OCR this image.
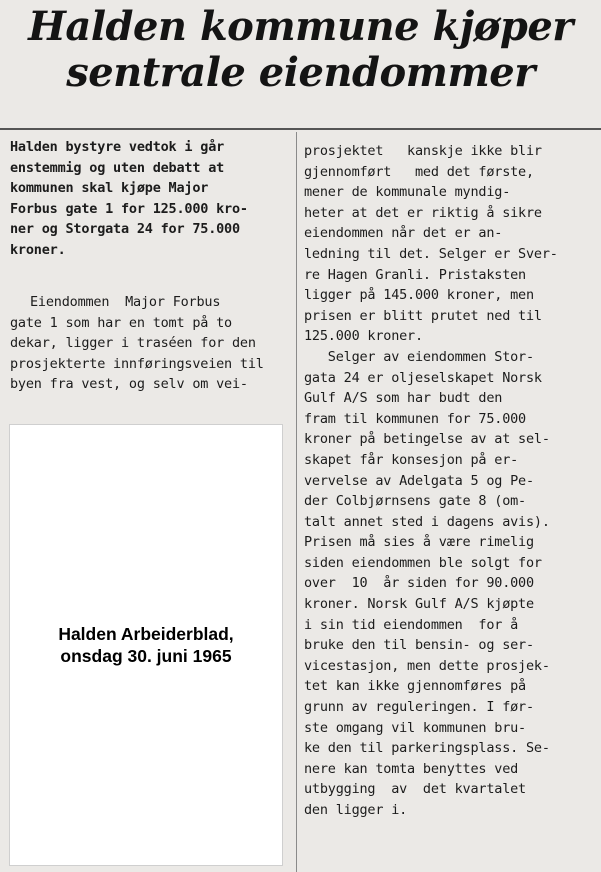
Halden kommune kjøper
sentrale eiendommer
Halden bystyre vedtok i går
enstemmig og uten debatt at
kommunen skal kjøpe Major
Forbus gate 1 for 125.000 kro-
ner og Storgata 24 for 75.000
kroner.
Eiendommen  Major Forbus
gate 1 som har en tomt på to
dekar, ligger i traséen for den
prosjekterte innføringsveien til
byen fra vest, og selv om vei-
Halden Arbeiderblad,
onsdag 30. juni 1965
prosjektet   kanskje ikke blir
gjennomført   med det første,
mener de kommunale myndig-
heter at det er riktig å sikre
eiendommen når det er an-
ledning til det. Selger er Sver-
re Hagen Granli. Pristaksten
ligger på 145.000 kroner, men
prisen er blitt prutet ned til
125.000 kroner.
Selger av eiendommen Stor-
gata 24 er oljeselskapet Norsk
Gulf A/S som har budt den
fram til kommunen for 75.000
kroner på betingelse av at sel-
skapet får konsesjon på er-
vervelse av Adelgata 5 og Pe-
der Colbjørnsens gate 8 (om-
talt annet sted i dagens avis).
Prisen må sies å være rimelig
siden eiendommen ble solgt for
over  10  år siden for 90.000
kroner. Norsk Gulf A/S kjøpte
i sin tid eiendommen  for å
bruke den til bensin- og ser-
vicestasjon, men dette prosjek-
tet kan ikke gjennomføres på
grunn av reguleringen. I før-
ste omgang vil kommunen bru-
ke den til parkeringsplass. Se-
nere kan tomta benyttes ved
utbygging  av  det kvartalet
den ligger i.
